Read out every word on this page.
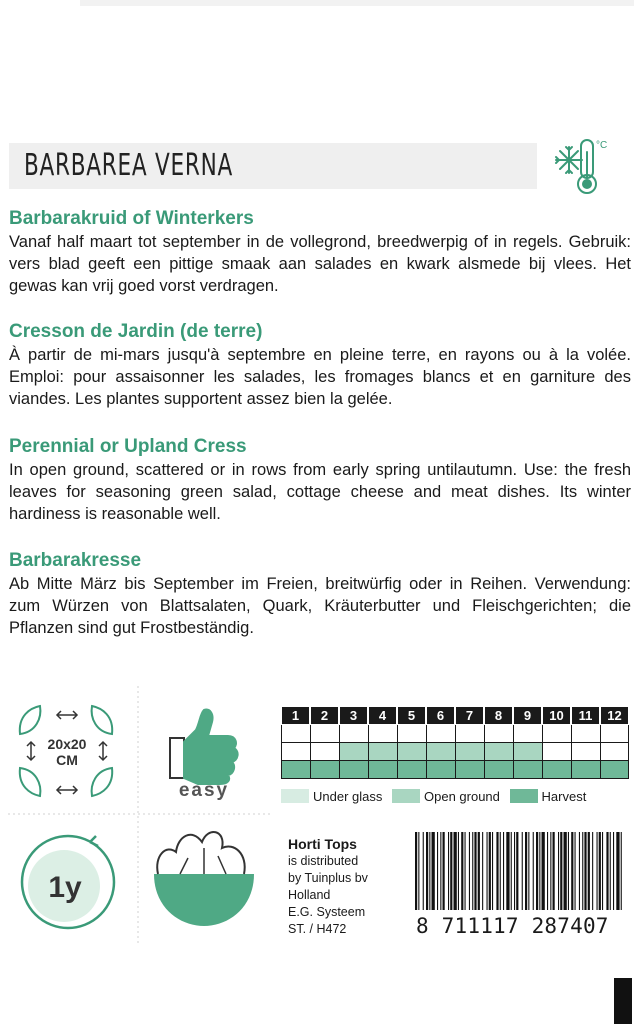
BARBAREA VERNA
°C
Barbarakruid of Winterkers

Vanaf half maart tot september in de vollegrond, breedwerpig of in regels. Gebruik: vers blad geeft een pittige smaak aan salades en kwark alsmede bij vlees. Het gewas kan vrij goed vorst verdragen.

Cresson de Jardin (de terre)

À partir de mi-mars jusqu'à septembre en pleine terre, en rayons ou à la volée. Emploi: pour assaisonner les salades, les fromages blancs et en garniture des viandes. Les plantes supportent assez bien la gelée.

Perennial or Upland Cress

In open ground, scattered or in rows from early spring untilautumn. Use: the fresh leaves for seasoning green salad, cottage cheese and meat dishes. Its winter hardiness is reasonable well.

Barbarakresse

Ab Mitte März bis September im Freien, breitwürfig oder in Reihen. Verwendung: zum Würzen von Blattsalaten, Quark, Kräuterbutter und Fleischgerichten; die Pflanzen sind gut Frostbeständig.

20x20
CM
easy
1y
1	2	3	4	5	6	7	8	9	10	11	12

Under glass	Open ground	Harvest
Horti Tops
is distributed
by Tuinplus bv
Holland
E.G. Systeem
ST. / H472	8 711117 287407
